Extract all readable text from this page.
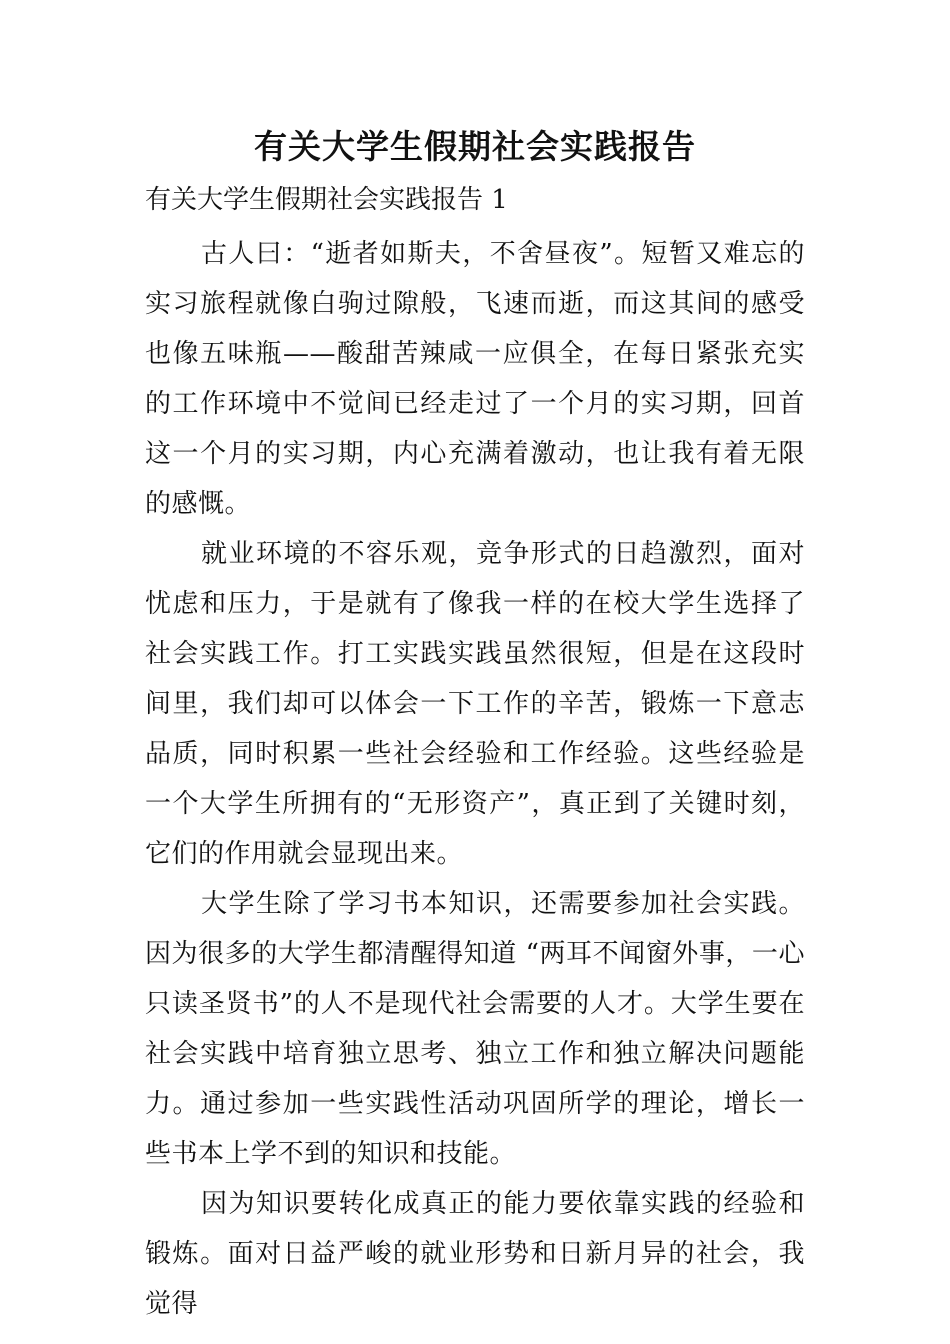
有关大学生假期社会实践报告

有关大学生假期社会实践报告 1

古人曰：“逝者如斯夫，不舍昼夜”。短暂又难忘的实习旅程就像白驹过隙般，飞速而逝，而这其间的感受也像五味瓶——酸甜苦辣咸一应俱全，在每日紧张充实的工作环境中不觉间已经走过了一个月的实习期，回首这一个月的实习期，内心充满着激动，也让我有着无限的感慨。

就业环境的不容乐观，竞争形式的日趋激烈，面对忧虑和压力，于是就有了像我一样的在校大学生选择了社会实践工作。打工实践实践虽然很短，但是在这段时间里，我们却可以体会一下工作的辛苦，锻炼一下意志品质，同时积累一些社会经验和工作经验。这些经验是一个大学生所拥有的“无形资产”，真正到了关键时刻，它们的作用就会显现出来。

大学生除了学习书本知识，还需要参加社会实践。因为很多的大学生都清醒得知道 “两耳不闻窗外事，一心只读圣贤书”的人不是现代社会需要的人才。大学生要在社会实践中培育独立思考、独立工作和独立解决问题能力。通过参加一些实践性活动巩固所学的理论，增长一些书本上学不到的知识和技能。

因为知识要转化成真正的能力要依靠实践的经验和锻炼。面对日益严峻的就业形势和日新月异的社会，我觉得
